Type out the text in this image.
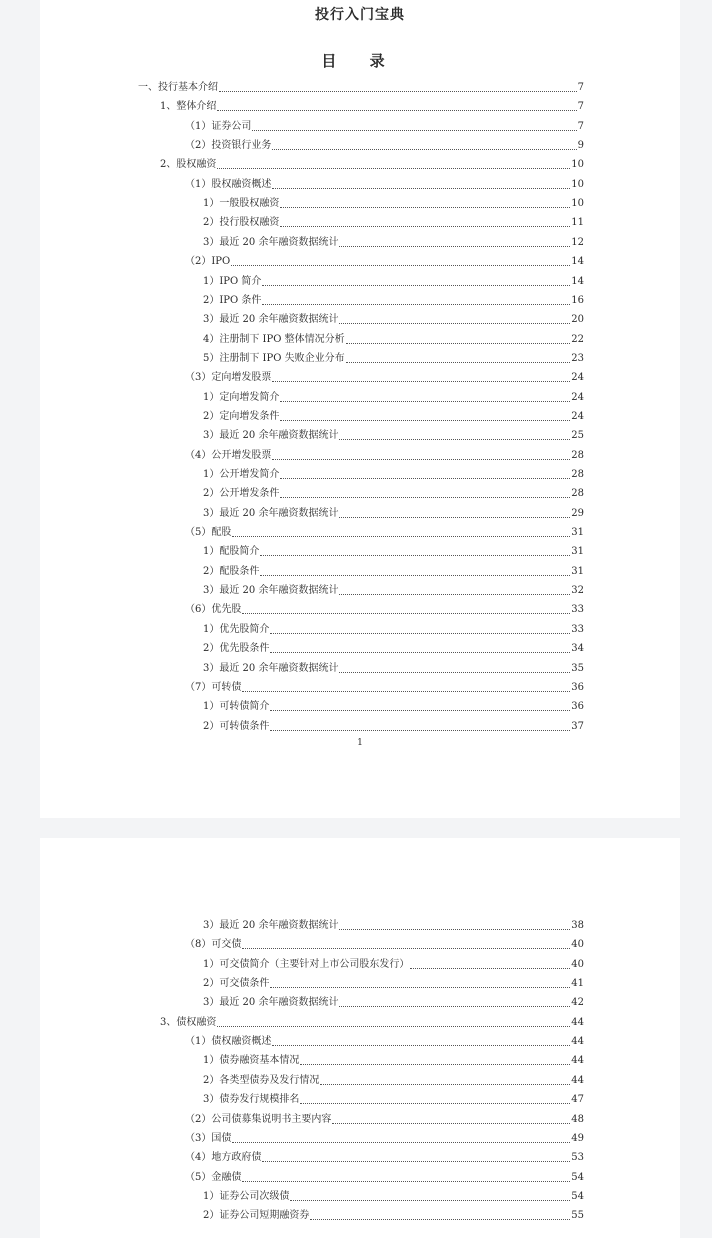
投行入门宝典
目 录
一、投行基本介绍	7
1、整体介绍	7
（1）证券公司	7
（2）投资银行业务	9
2、股权融资	10
（1）股权融资概述	10
1）一般股权融资	10
2）投行股权融资	11
3）最近 20 余年融资数据统计	12
（2）IPO	14
1）IPO 简介	14
2）IPO 条件	16
3）最近 20 余年融资数据统计	20
4）注册制下 IPO 整体情况分析	22
5）注册制下 IPO 失败企业分布	23
（3）定向增发股票	24
1）定向增发简介	24
2）定向增发条件	24
3）最近 20 余年融资数据统计	25
（4）公开增发股票	28
1）公开增发简介	28
2）公开增发条件	28
3）最近 20 余年融资数据统计	29
（5）配股	31
1）配股简介	31
2）配股条件	31
3）最近 20 余年融资数据统计	32
（6）优先股	33
1）优先股简介	33
2）优先股条件	34
3）最近 20 余年融资数据统计	35
（7）可转债	36
1）可转债简介	36
2）可转债条件	37
1
3）最近 20 余年融资数据统计	38
（8）可交债	40
1）可交债简介（主要针对上市公司股东发行）	40
2）可交债条件	41
3）最近 20 余年融资数据统计	42
3、债权融资	44
（1）债权融资概述	44
1）债券融资基本情况	44
2）各类型债券及发行情况	44
3）债券发行规模排名	47
（2）公司债募集说明书主要内容	48
（3）国债	49
（4）地方政府债	53
（5）金融债	54
1）证券公司次级债	54
2）证券公司短期融资券	55
